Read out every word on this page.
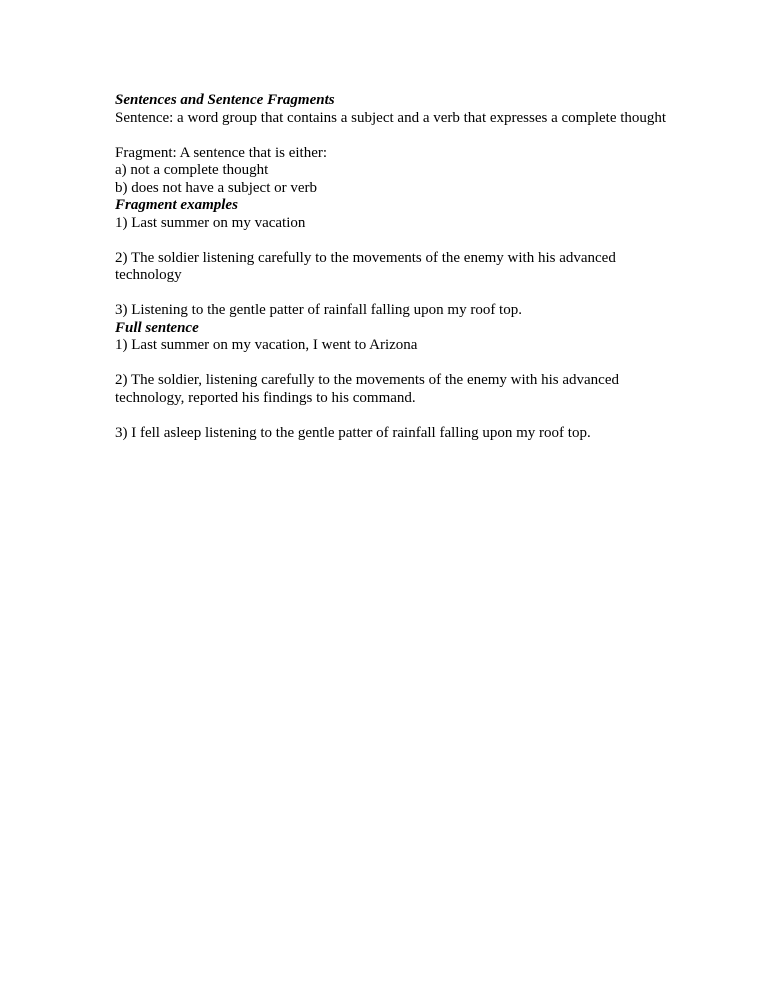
Sentences and Sentence Fragments
Sentence: a word group that contains a subject and a verb that expresses a complete thought
Fragment: A sentence that is either:
a) not a complete thought
b) does not have a subject or verb
Fragment examples
1) Last summer on my vacation
2) The soldier listening carefully to the movements of the enemy with his advanced technology
3) Listening to the gentle patter of rainfall falling upon my roof top.
Full sentence
1) Last summer on my vacation, I went to Arizona
2) The soldier, listening carefully to the movements of the enemy with his advanced technology, reported his findings to his command.
3) I fell asleep listening to the gentle patter of rainfall falling upon my roof top.
